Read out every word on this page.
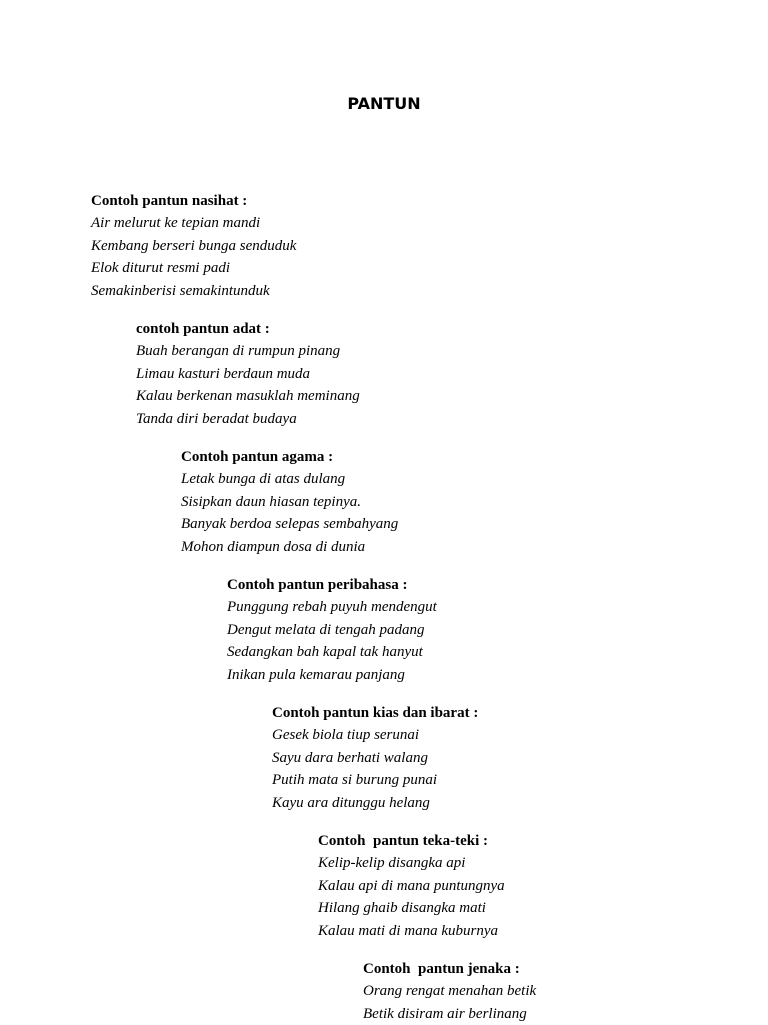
PANTUN
Contoh pantun nasihat :
Air melurut ke tepian mandi
Kembang berseri bunga senduduk
Elok diturut resmi padi
Semakinberisi semakintunduk
contoh pantun adat :
Buah berangan di rumpun pinang
Limau kasturi berdaun muda
Kalau berkenan masuklah meminang
Tanda diri beradat budaya
Contoh pantun agama :
Letak bunga di atas dulang
Sisipkan daun hiasan tepinya.
Banyak berdoa selepas sembahyang
Mohon diampun dosa di dunia
Contoh pantun peribahasa :
Punggung rebah puyuh mendengut
Dengut melata di tengah padang
Sedangkan bah kapal tak hanyut
Inikan pula kemarau panjang
Contoh pantun kias dan ibarat :
Gesek biola tiup serunai
Sayu dara berhati walang
Putih mata si burung punai
Kayu ara ditunggu helang
Contoh  pantun teka-teki :
Kelip-kelip disangka api
Kalau api di mana puntungnya
Hilang ghaib disangka mati
Kalau mati di mana kuburnya
Contoh  pantun jenaka :
Orang rengat menahan betik
Betik disiram air berlinang
